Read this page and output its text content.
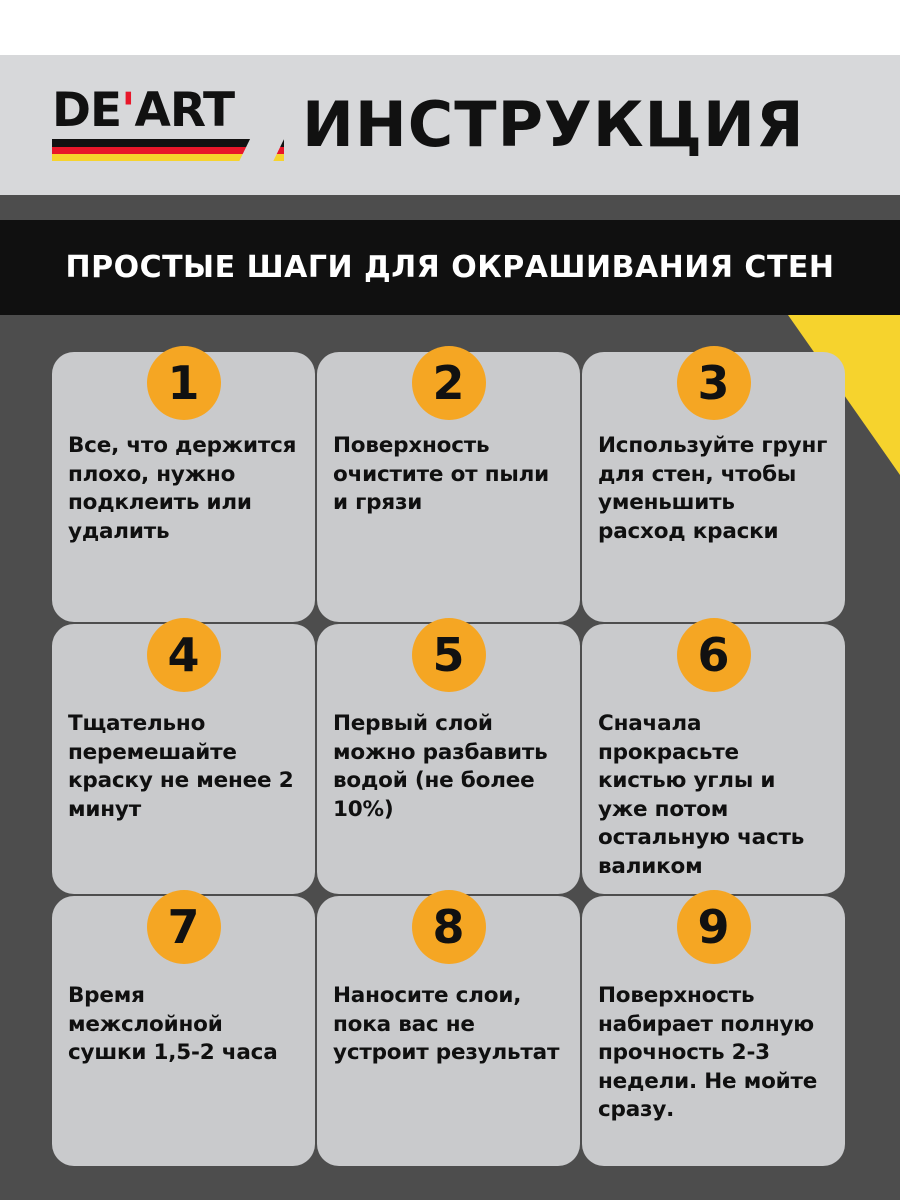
DE'ART	ИНСТРУКЦИЯ
ПРОСТЫЕ ШАГИ ДЛЯ ОКРАШИВАНИЯ СТЕН
1
Все, что держится плохо, нужно подклеить или удалить
2
Поверхность очистите от пыли и грязи
3
Используйте грунг для стен, чтобы уменьшить расход краски
4
Тщательно перемешайте краску не менее 2 минут
5
Первый слой можно разбавить водой (не более 10%)
6
Сначала прокрасьте кистью углы и уже потом остальную часть валиком
7
Время межслойной сушки 1,5-2 часа
8
Наносите слои, пока вас не устроит результат
9
Поверхность набирает полную прочность 2-3 недели. Не мойте сразу.
